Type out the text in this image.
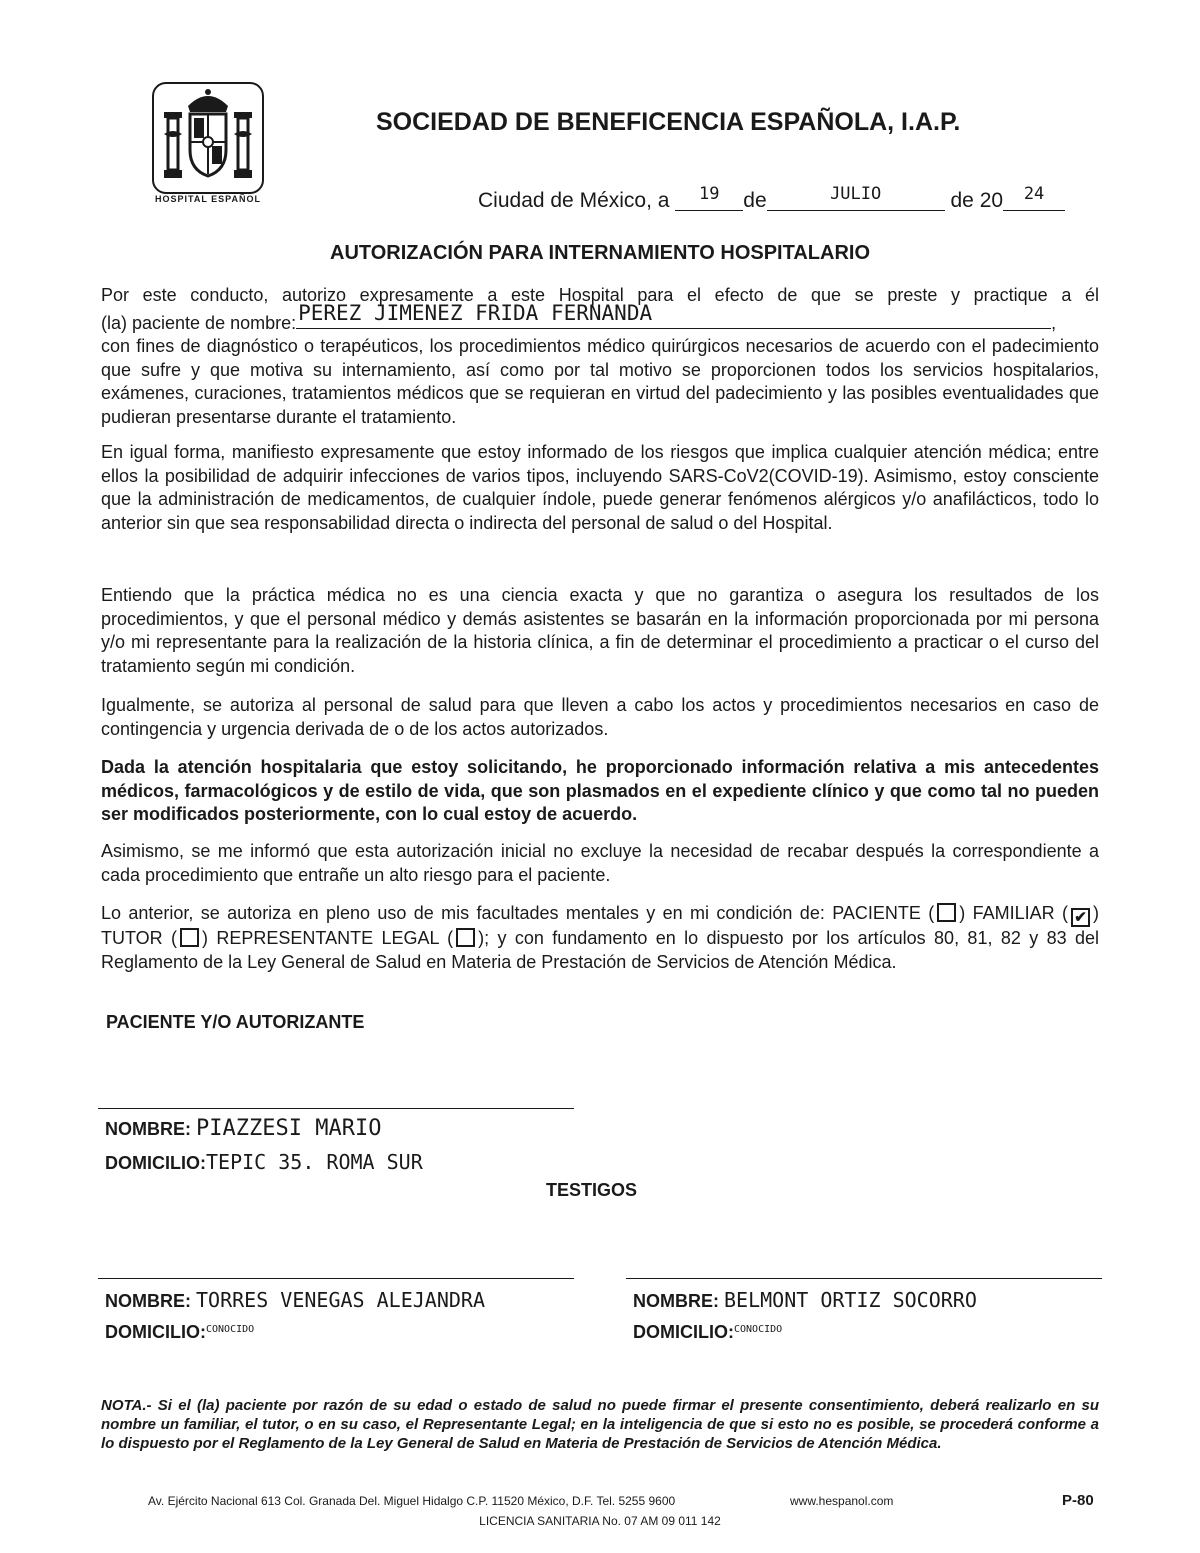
HOSPITAL ESPAÑOL
SOCIEDAD DE BENEFICENCIA ESPAÑOLA, I.A.P.
Ciudad de México, a $^{19}$ de	$^{JULIO}$	de 20 $^{24}$
AUTORIZACIÓN PARA INTERNAMIENTO HOSPITALARIO
Por este conducto, autorizo expresamente a este Hospital para el efecto de que se preste y practique a él
(la) paciente de nombre: PEREZ JIMENEZ FRIDA FERNANDA	,
con fines de diagnóstico o terapéuticos, los procedimientos médico quirúrgicos necesarios de acuerdo con el padecimiento que sufre y que motiva su internamiento, así como por tal motivo se proporcionen todos los servicios hospitalarios, exámenes, curaciones, tratamientos médicos que se requieran en virtud del padecimiento y las posibles eventualidades que pudieran presentarse durante el tratamiento.
En igual forma, manifiesto expresamente que estoy informado de los riesgos que implica cualquier atención médica; entre ellos la posibilidad de adquirir infecciones de varios tipos, incluyendo SARS-CoV2(COVID-19). Asimismo, estoy consciente que la administración de medicamentos, de cualquier índole, puede generar fenómenos alérgicos y/o anafilácticos, todo lo anterior sin que sea responsabilidad directa o indirecta del personal de salud o del Hospital.
Entiendo que la práctica médica no es una ciencia exacta y que no garantiza o asegura los resultados de los procedimientos, y que el personal médico y demás asistentes se basarán en la información proporcionada por mi persona y/o mi representante para la realización de la historia clínica, a fin de determinar el procedimiento a practicar o el curso del tratamiento según mi condición.
Igualmente, se autoriza al personal de salud para que lleven a cabo los actos y procedimientos necesarios en caso de contingencia y urgencia derivada de o de los actos autorizados.
Dada la atención hospitalaria que estoy solicitando, he proporcionado información relativa a mis antecedentes médicos, farmacológicos y de estilo de vida, que son plasmados en el expediente clínico y que como tal no pueden ser modificados posteriormente, con lo cual estoy de acuerdo.
Asimismo, se me informó que esta autorización inicial no excluye la necesidad de recabar después la correspondiente a cada procedimiento que entrañe un alto riesgo para el paciente.
Lo anterior, se autoriza en pleno uso de mis facultades mentales y en mi condición de: PACIENTE ( ) FAMILIAR ( ✔ ) TUTOR ( ) REPRESENTANTE LEGAL ( ); y con fundamento en lo dispuesto por los artículos 80, 81, 82 y 83 del Reglamento de la Ley General de Salud en Materia de Prestación de Servicios de Atención Médica.
PACIENTE Y/O AUTORIZANTE
NOMBRE: PIAZZESI MARIO
DOMICILIO:TEPIC 35. ROMA SUR
TESTIGOS
NOMBRE: TORRES VENEGAS ALEJANDRA
DOMICILIO:$^{CONOCIDO}$
NOMBRE: BELMONT ORTIZ SOCORRO
DOMICILIO:$^{CONOCIDO}$
NOTA.- Si el (la) paciente por razón de su edad o estado de salud no puede firmar el presente consentimiento, deberá realizarlo en su nombre un familiar, el tutor, o en su caso, el Representante Legal; en la inteligencia de que si esto no es posible, se procederá conforme a lo dispuesto por el Reglamento de la Ley General de Salud en Materia de Prestación de Servicios de Atención Médica.
Av. Ejército Nacional 613 Col. Granada Del. Miguel Hidalgo C.P. 11520 México, D.F. Tel. 5255 9600	www.hespanol.com	P-80
LICENCIA SANITARIA No. 07 AM 09 011 142
